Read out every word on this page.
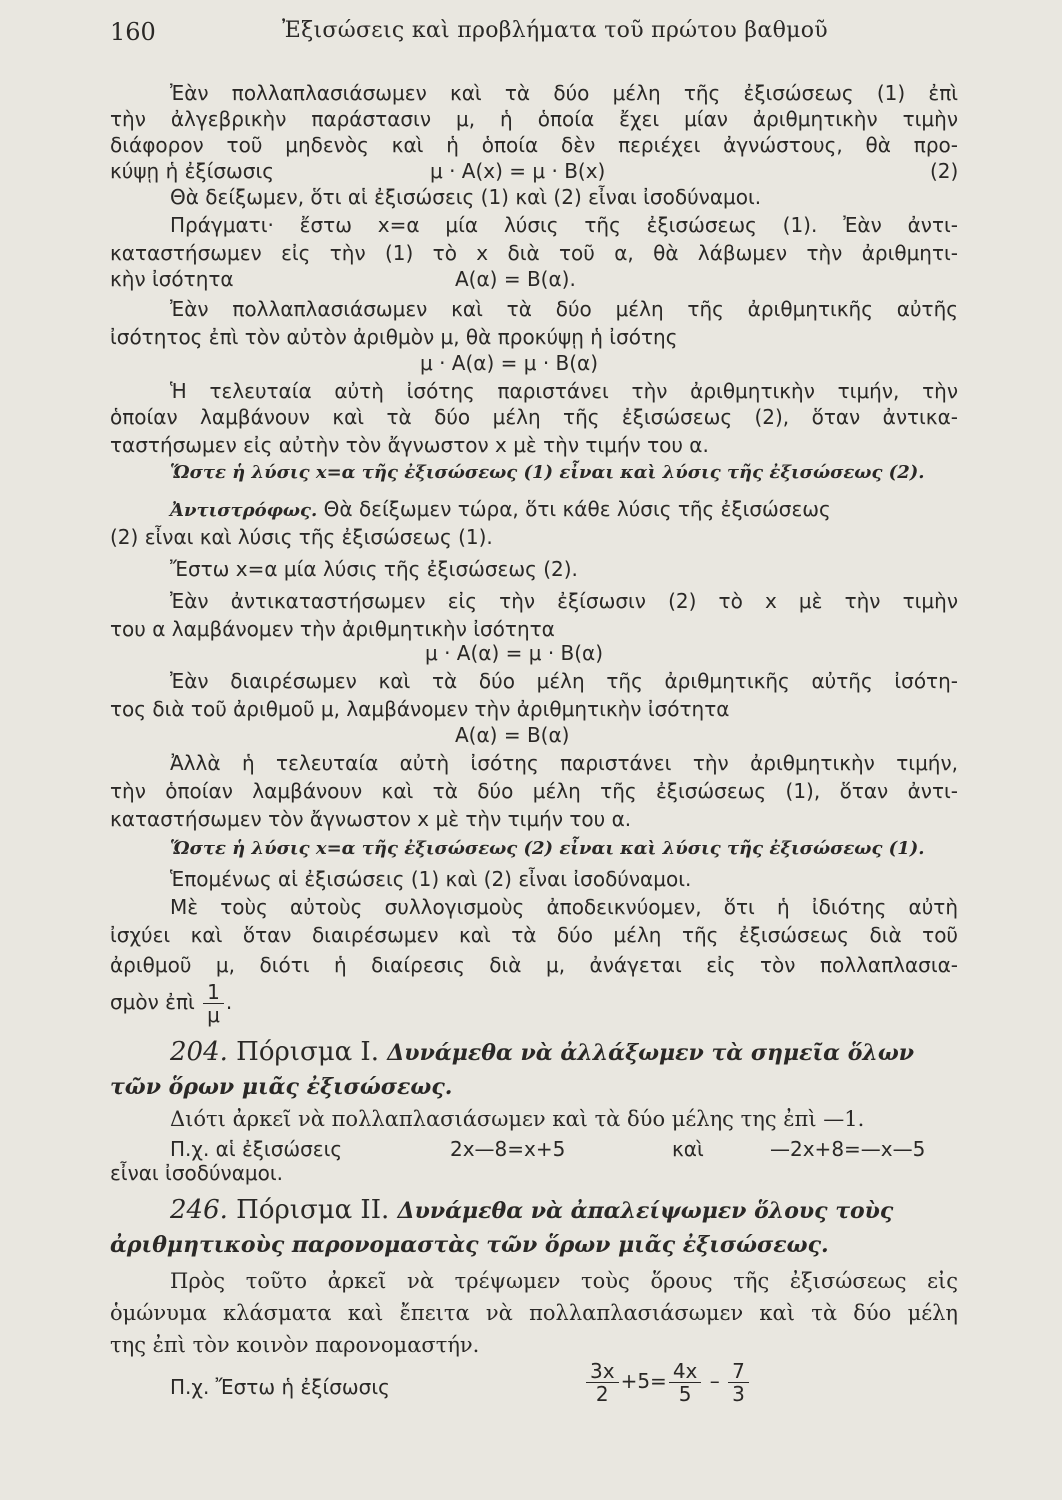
160	Ἐξισώσεις καὶ προβλήματα τοῦ πρώτου βαθμοῦ
Ἐὰν πολλαπλασιάσωμεν καὶ τὰ δύο μέλη τῆς ἐξισώσεως (1) ἐπὶ
τὴν ἀλγεβρικὴν παράστασιν μ, ἡ ὁποία ἔχει μίαν ἀριθμητικὴν τιμὴν
διάφορον τοῦ μηδενὸς καὶ ἡ ὁποία δὲν περιέχει ἀγνώστους, θὰ προ-
κύψῃ ἡ ἐξίσωσις	μ · Α(x) = μ · Β(x)	(2)
Θὰ δείξωμεν, ὅτι αἱ ἐξισώσεις (1) καὶ (2) εἶναι ἰσοδύναμοι.
Πράγματι· ἔστω x=α μία λύσις τῆς ἐξισώσεως (1). Ἐὰν ἀντι-
καταστήσωμεν εἰς τὴν (1) τὸ x διὰ τοῦ α, θὰ λάβωμεν τὴν ἀριθμητι-
κὴν ἰσότητα	Α(α) = Β(α).
Ἐὰν πολλαπλασιάσωμεν καὶ τὰ δύο μέλη τῆς ἀριθμητικῆς αὐτῆς
ἰσότητος ἐπὶ τὸν αὐτὸν ἀριθμὸν μ, θὰ προκύψῃ ἡ ἰσότης
μ · Α(α) = μ · Β(α)
Ἡ τελευταία αὐτὴ ἰσότης παριστάνει τὴν ἀριθμητικὴν τιμήν, τὴν
ὁποίαν λαμβάνουν καὶ τὰ δύο μέλη τῆς ἐξισώσεως (2), ὅταν ἀντικα-
ταστήσωμεν εἰς αὐτὴν τὸν ἄγνωστον x μὲ τὴν τιμήν του α.
Ὥστε ἡ λύσις x=α τῆς ἐξισώσεως (1) εἶναι καὶ λύσις τῆς ἐξισώσεως (2).
Ἀντιστρόφως. Θὰ δείξωμεν τώρα, ὅτι κάθε λύσις τῆς ἐξισώσεως
(2) εἶναι καὶ λύσις τῆς ἐξισώσεως (1).
Ἔστω x=α μία λύσις τῆς ἐξισώσεως (2).
Ἐὰν ἀντικαταστήσωμεν εἰς τὴν ἐξίσωσιν (2) τὸ x μὲ τὴν τιμὴν
του α λαμβάνομεν τὴν ἀριθμητικὴν ἰσότητα
μ · Α(α) = μ · Β(α)
Ἐὰν διαιρέσωμεν καὶ τὰ δύο μέλη τῆς ἀριθμητικῆς αὐτῆς ἰσότη-
τος διὰ τοῦ ἀριθμοῦ μ, λαμβάνομεν τὴν ἀριθμητικὴν ἰσότητα
Α(α) = Β(α)
Ἀλλὰ ἡ τελευταία αὐτὴ ἰσότης παριστάνει τὴν ἀριθμητικὴν τιμήν,
τὴν ὁποίαν λαμβάνουν καὶ τὰ δύο μέλη τῆς ἐξισώσεως (1), ὅταν ἀντι-
καταστήσωμεν τὸν ἄγνωστον x μὲ τὴν τιμήν του α.
Ὥστε ἡ λύσις x=α τῆς ἐξισώσεως (2) εἶναι καὶ λύσις τῆς ἐξισώσεως (1).
Ἑπομένως αἱ ἐξισώσεις (1) καὶ (2) εἶναι ἰσοδύναμοι.
Μὲ τοὺς αὐτοὺς συλλογισμοὺς ἀποδεικνύομεν, ὅτι ἡ ἰδιότης αὐτὴ
ἰσχύει καὶ ὅταν διαιρέσωμεν καὶ τὰ δύο μέλη τῆς ἐξισώσεως διὰ τοῦ
ἀριθμοῦ μ, διότι ἡ διαίρεσις διὰ μ, ἀνάγεται εἰς τὸν πολλαπλασια-
σμὸν ἐπὶ $\frac{1}{\mu}$ .
204. Πόρισμα Ι. Δυνάμεθα νὰ ἀλλάξωμεν τὰ σημεῖα ὅλων
τῶν ὅρων μιᾶς ἐξισώσεως.
Διότι ἀρκεῖ νὰ πολλαπλασιάσωμεν καὶ τὰ δύο μέλης της ἐπὶ —1.
Π.χ. αἱ ἐξισώσεις	2x—8=x+5	καὶ	—2x+8=—x—5
εἶναι ἰσοδύναμοι.
246. Πόρισμα ΙΙ. Δυνάμεθα νὰ ἀπαλείψωμεν ὅλους τοὺς
ἀριθμητικοὺς παρονομαστὰς τῶν ὅρων μιᾶς ἐξισώσεως.
Πρὸς τοῦτο ἀρκεῖ νὰ τρέψωμεν τοὺς ὅρους τῆς ἐξισώσεως εἰς
ὁμώνυμα κλάσματα καὶ ἔπειτα νὰ πολλαπλασιάσωμεν καὶ τὰ δύο μέλη
της ἐπὶ τὸν κοινὸν παρονομαστήν.
Π.χ. Ἔστω ἡ ἐξίσωσις	$\frac{3x}{2} +5= \frac{4x}{5} - \frac{7}{3}$
